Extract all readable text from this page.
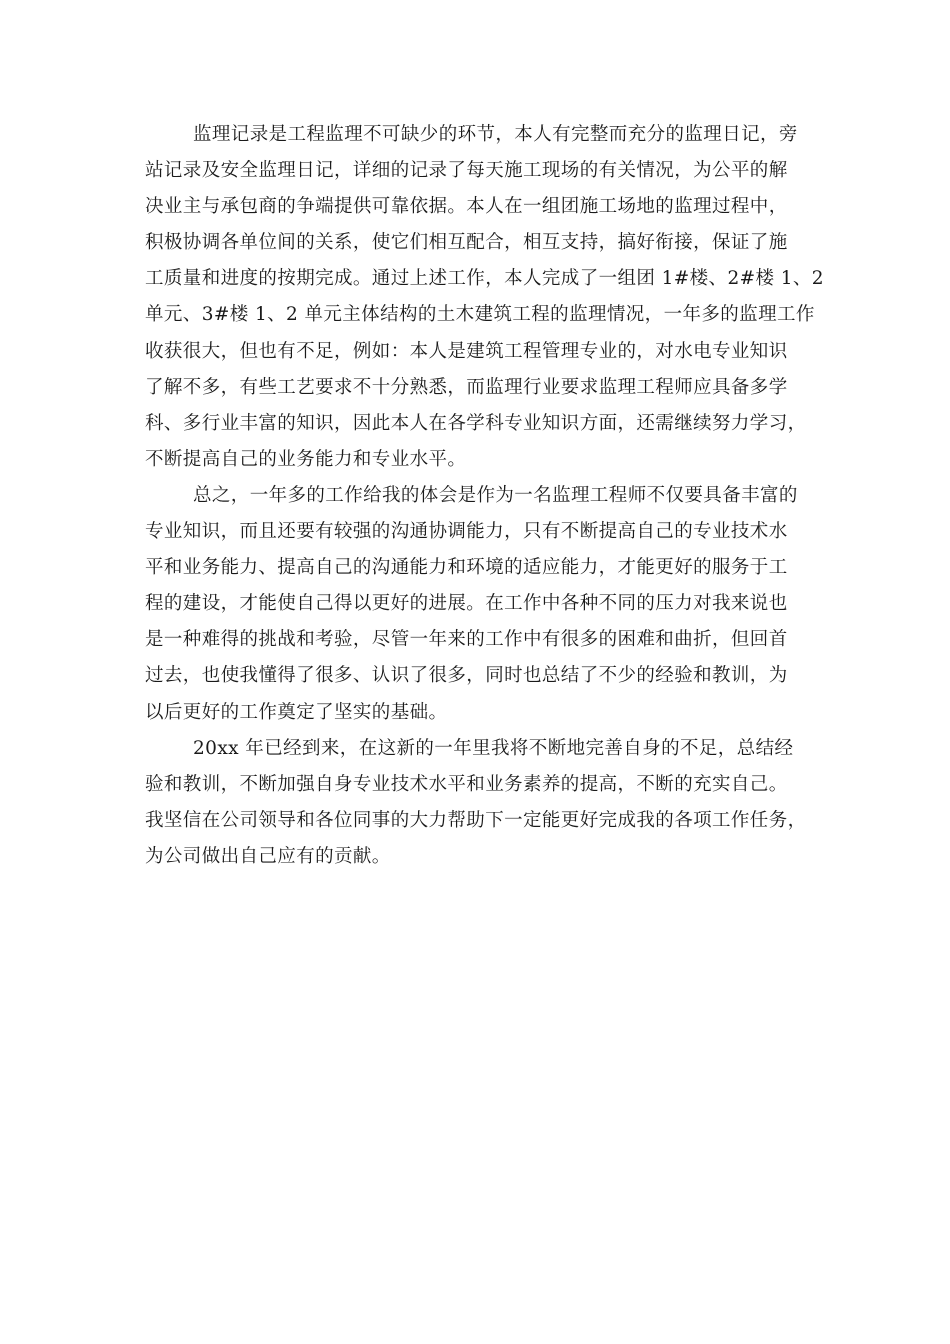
监理记录是工程监理不可缺少的环节，本人有完整而充分的监理日记，旁
站记录及安全监理日记，详细的记录了每天施工现场的有关情况，为公平的解
决业主与承包商的争端提供可靠依据。本人在一组团施工场地的监理过程中，
积极协调各单位间的关系，使它们相互配合，相互支持，搞好衔接，保证了施
工质量和进度的按期完成。通过上述工作，本人完成了一组团 1#楼、2#楼 1、2
单元、3#楼 1、2 单元主体结构的土木建筑工程的监理情况，一年多的监理工作
收获很大，但也有不足，例如：本人是建筑工程管理专业的，对水电专业知识
了解不多，有些工艺要求不十分熟悉，而监理行业要求监理工程师应具备多学
科、多行业丰富的知识，因此本人在各学科专业知识方面，还需继续努力学习，
不断提高自己的业务能力和专业水平。

总之，一年多的工作给我的体会是作为一名监理工程师不仅要具备丰富的
专业知识，而且还要有较强的沟通协调能力，只有不断提高自己的专业技术水
平和业务能力、提高自己的沟通能力和环境的适应能力，才能更好的服务于工
程的建设，才能使自己得以更好的进展。在工作中各种不同的压力对我来说也
是一种难得的挑战和考验，尽管一年来的工作中有很多的困难和曲折，但回首
过去，也使我懂得了很多、认识了很多，同时也总结了不少的经验和教训，为
以后更好的工作奠定了坚实的基础。

20xx 年已经到来，在这新的一年里我将不断地完善自身的不足，总结经
验和教训，不断加强自身专业技术水平和业务素养的提高，不断的充实自己。
我坚信在公司领导和各位同事的大力帮助下一定能更好完成我的各项工作任务，
为公司做出自己应有的贡献。
